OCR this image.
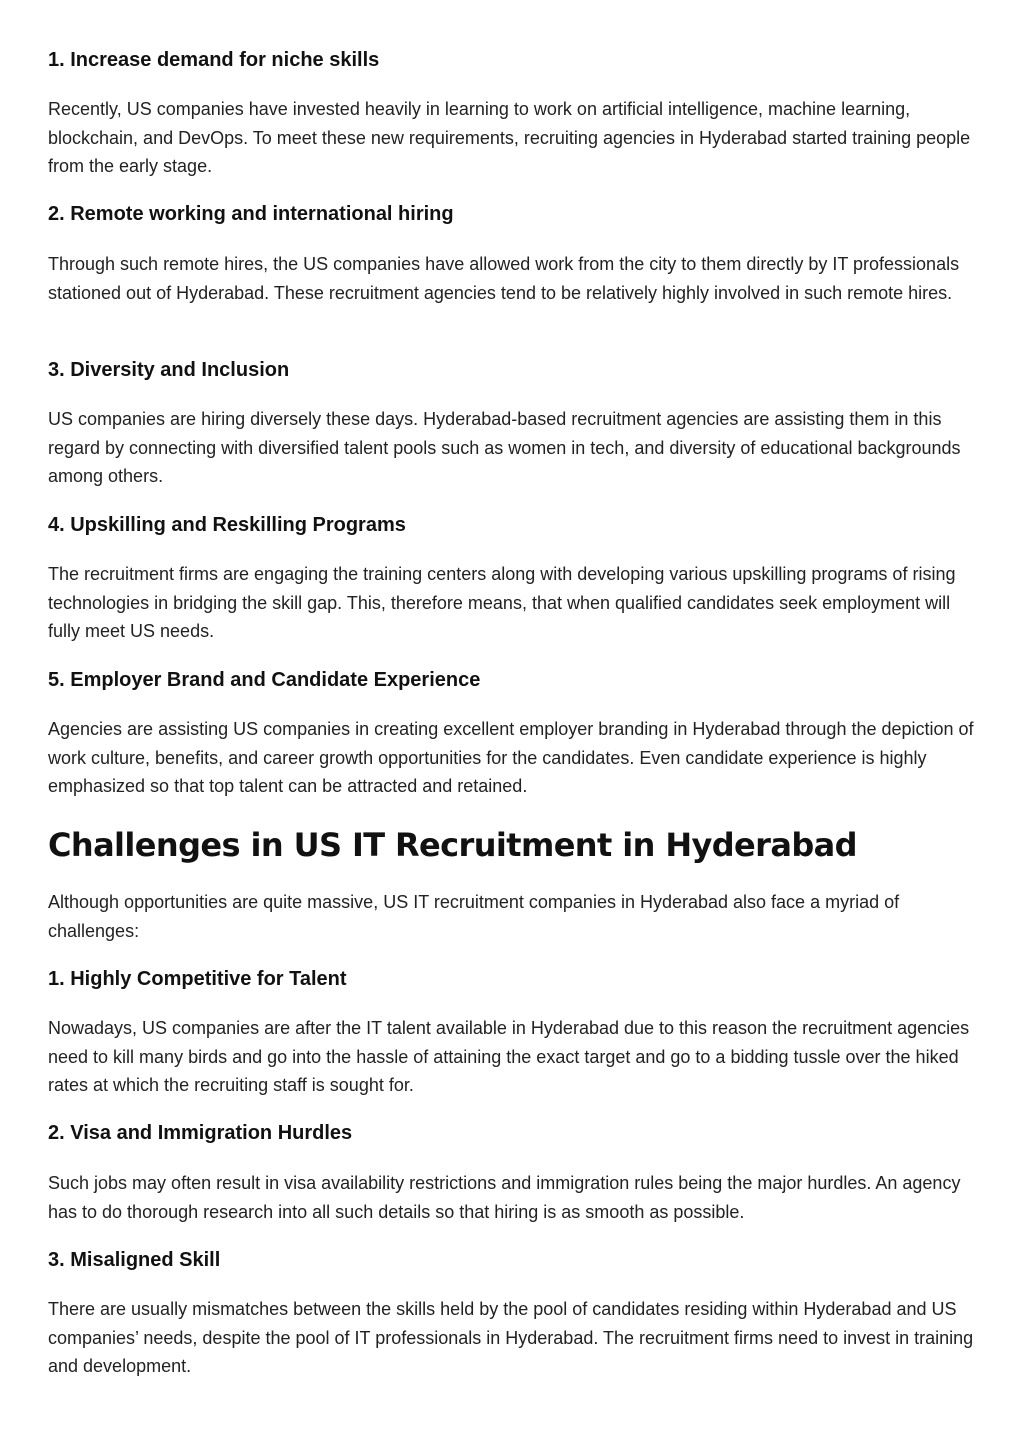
1. Increase demand for niche skills
Recently, US companies have invested heavily in learning to work on artificial intelligence, machine learning, blockchain, and DevOps. To meet these new requirements, recruiting agencies in Hyderabad started training people from the early stage.
2. Remote working and international hiring
Through such remote hires, the US companies have allowed work from the city to them directly by IT professionals stationed out of Hyderabad. These recruitment agencies tend to be relatively highly involved in such remote hires.
3. Diversity and Inclusion
US companies are hiring diversely these days. Hyderabad-based recruitment agencies are assisting them in this regard by connecting with diversified talent pools such as women in tech, and diversity of educational backgrounds among others.
4. Upskilling and Reskilling Programs
The recruitment firms are engaging the training centers along with developing various upskilling programs of rising technologies in bridging the skill gap. This, therefore means, that when qualified candidates seek employment will fully meet US needs.
5. Employer Brand and Candidate Experience
Agencies are assisting US companies in creating excellent employer branding in Hyderabad through the depiction of work culture, benefits, and career growth opportunities for the candidates. Even candidate experience is highly emphasized so that top talent can be attracted and retained.
Challenges in US IT Recruitment in Hyderabad
Although opportunities are quite massive, US IT recruitment companies in Hyderabad also face a myriad of challenges:
1. Highly Competitive for Talent
Nowadays, US companies are after the IT talent available in Hyderabad due to this reason the recruitment agencies need to kill many birds and go into the hassle of attaining the exact target and go to a bidding tussle over the hiked rates at which the recruiting staff is sought for.
2. Visa and Immigration Hurdles
Such jobs may often result in visa availability restrictions and immigration rules being the major hurdles. An agency has to do thorough research into all such details so that hiring is as smooth as possible.
3. Misaligned Skill
There are usually mismatches between the skills held by the pool of candidates residing within Hyderabad and US companies’ needs, despite the pool of IT professionals in Hyderabad. The recruitment firms need to invest in training and development.
